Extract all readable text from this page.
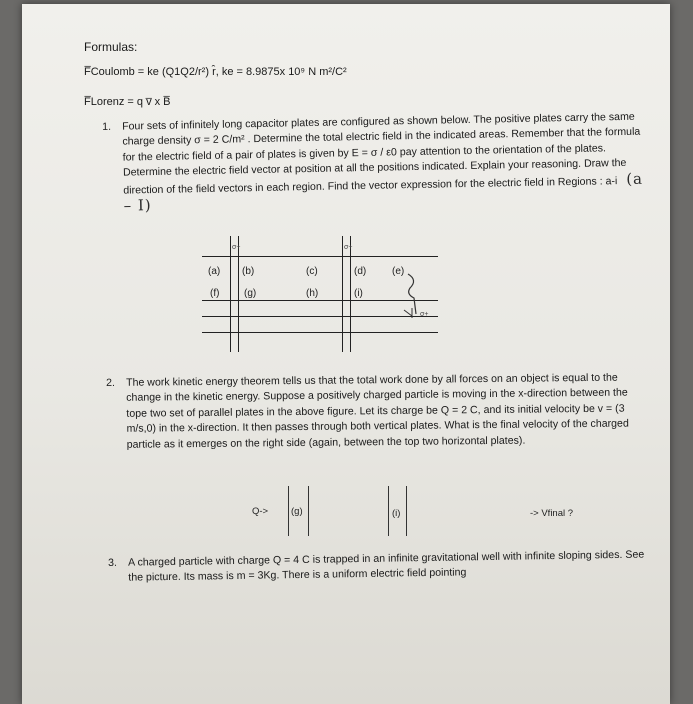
Formulas:
F̅Coulomb = ke (Q1Q2/r²) r̂, ke = 8.9875x 10⁹ N m²/C²
F̅Lorenz = q v̅ x B̅
1. Four sets of infinitely long capacitor plates are configured as shown below. The positive plates carry the same charge density σ = 2 C/m² . Determine the total electric field in the indicated areas. Remember that the formula for the electric field of a pair of plates is given by E = σ / ε0 pay attention to the orientation of the plates. Determine the electric field vector at position at all the positions indicated. Explain your reasoning. Draw the direction of the field vectors in each region. Find the vector expression for the electric field in Regions : a-i (a – I)
σ+	σ+
σ+
(a) (b)	(c)	(d)	(e)
(f) (g)	(h)	(i)
2. The work kinetic energy theorem tells us that the total work done by all forces on an object is equal to the change in the kinetic energy. Suppose a positively charged particle is moving in the x-direction between the tope two set of parallel plates in the above figure. Let its charge be Q = 2 C, and its initial velocity be v = (3 m/s,0) in the x-direction. It then passes through both vertical plates. What is the final velocity of the charged particle as it emerges on the right side (again, between the top two horizontal plates).
Q-> (g)	(i)	-> Vfinal ?
3. A charged particle with charge Q = 4 C is trapped in an infinite gravitational well with infinite sloping sides. See the picture. Its mass is m = 3Kg. There is a uniform electric field pointing
